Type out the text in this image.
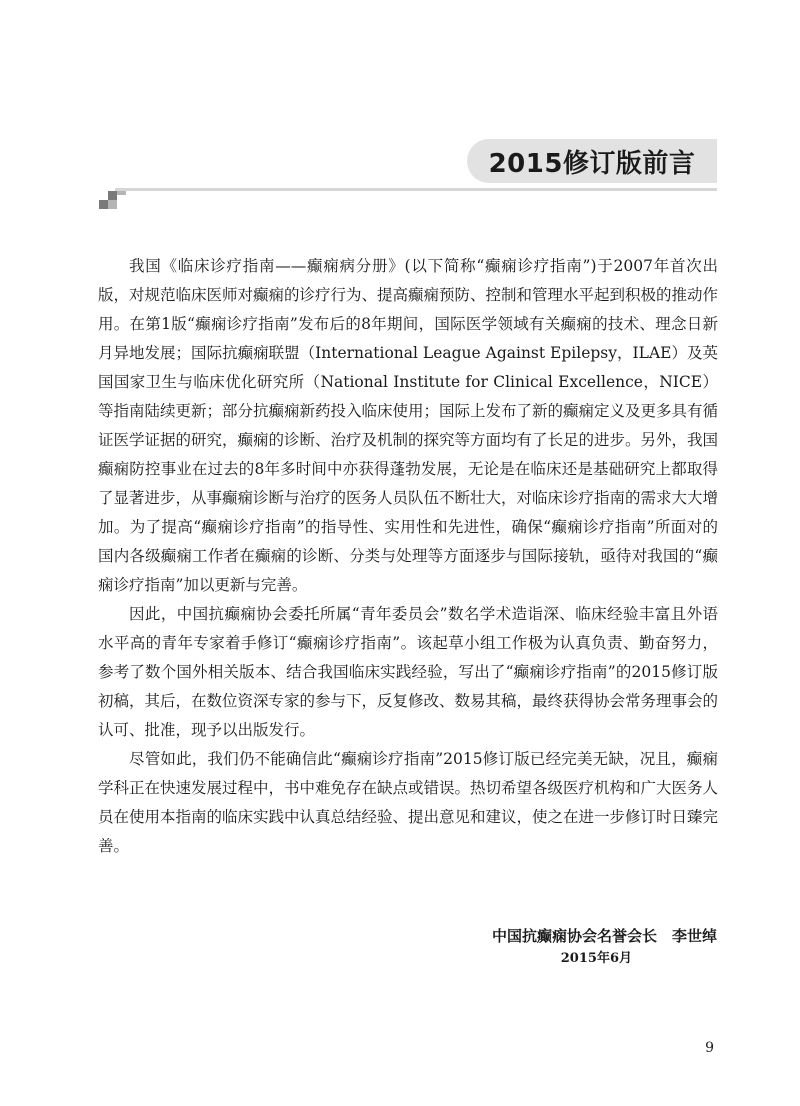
2015修订版前言

我国《临床诊疗指南——癫痫病分册》(以下简称“癫痫诊疗指南”)于2007年首次出版，对规范临床医师对癫痫的诊疗行为、提高癫痫预防、控制和管理水平起到积极的推动作用。在第1版“癫痫诊疗指南”发布后的8年期间，国际医学领域有关癫痫的技术、理念日新月异地发展；国际抗癫痫联盟（International League Against Epilepsy，ILAE）及英国国家卫生与临床优化研究所（National Institute for Clinical Excellence，NICE）等指南陆续更新；部分抗癫痫新药投入临床使用；国际上发布了新的癫痫定义及更多具有循证医学证据的研究，癫痫的诊断、治疗及机制的探究等方面均有了长足的进步。另外，我国癫痫防控事业在过去的8年多时间中亦获得蓬勃发展，无论是在临床还是基础研究上都取得了显著进步，从事癫痫诊断与治疗的医务人员队伍不断壮大，对临床诊疗指南的需求大大增加。为了提高“癫痫诊疗指南”的指导性、实用性和先进性，确保“癫痫诊疗指南”所面对的国内各级癫痫工作者在癫痫的诊断、分类与处理等方面逐步与国际接轨，亟待对我国的“癫痫诊疗指南”加以更新与完善。

因此，中国抗癫痫协会委托所属“青年委员会”数名学术造诣深、临床经验丰富且外语水平高的青年专家着手修订“癫痫诊疗指南”。该起草小组工作极为认真负责、勤奋努力，参考了数个国外相关版本、结合我国临床实践经验，写出了“癫痫诊疗指南”的2015修订版初稿，其后，在数位资深专家的参与下，反复修改、数易其稿，最终获得协会常务理事会的认可、批准，现予以出版发行。

尽管如此，我们仍不能确信此“癫痫诊疗指南”2015修订版已经完美无缺，况且，癫痫学科正在快速发展过程中，书中难免存在缺点或错误。热切希望各级医疗机构和广大医务人员在使用本指南的临床实践中认真总结经验、提出意见和建议，使之在进一步修订时日臻完善。

中国抗癫痫协会名誉会长　李世绰
2015年6月
9
